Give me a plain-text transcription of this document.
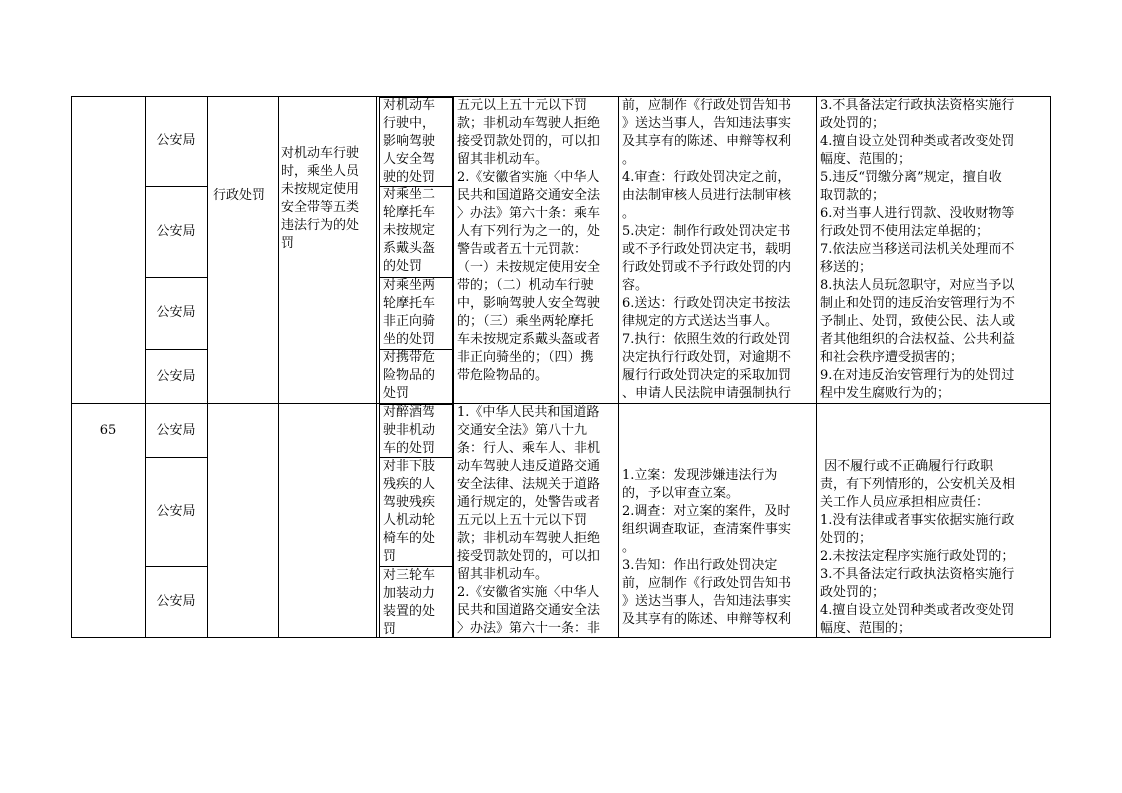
公安局
公安局
公安局
公安局
行政处罚
对机动车行驶
时，乘坐人员
未按规定使用
安全带等五类
违法行为的处
罚
对机动车
行驶中，
影响驾驶
人安全驾
驶的处罚
对乘坐二
轮摩托车
未按规定
系戴头盔
的处罚
对乘坐两
轮摩托车
非正向骑
坐的处罚
对携带危
险物品的
处罚
五元以上五十元以下罚
款；非机动车驾驶人拒绝
接受罚款处罚的，可以扣
留其非机动车。
2.《安徽省实施〈中华人
民共和国道路交通安全法
〉办法》第六十条：乘车
人有下列行为之一的，处
警告或者五十元罚款：
（一）未按规定使用安全
带的；（二）机动车行驶
中，影响驾驶人安全驾驶
的；（三）乘坐两轮摩托
车未按规定系戴头盔或者
非正向骑坐的；（四）携
带危险物品的。
前，应制作《行政处罚告知书
》送达当事人，告知违法事实
及其享有的陈述、申辩等权利
。
4.审查：行政处罚决定之前，
由法制审核人员进行法制审核
。
5.决定：制作行政处罚决定书
或不予行政处罚决定书，载明
行政处罚或不予行政处罚的内
容。
6.送达：行政处罚决定书按法
律规定的方式送达当事人。
7.执行：依照生效的行政处罚
决定执行行政处罚，对逾期不
履行行政处罚决定的采取加罚
、申请人民法院申请强制执行
3.不具备法定行政执法资格实施行
政处罚的；
4.擅自设立处罚种类或者改变处罚
幅度、范围的；
5.违反“罚缴分离”规定，擅自收
取罚款的；
6.对当事人进行罚款、没收财物等
行政处罚不使用法定单据的；
7.依法应当移送司法机关处理而不
移送的；
8.执法人员玩忽职守，对应当予以
制止和处罚的违反治安管理行为不
予制止、处罚，致使公民、法人或
者其他组织的合法权益、公共利益
和社会秩序遭受损害的；
9.在对违反治安管理行为的处罚过
程中发生腐败行为的；
65	公安局
公安局
公安局
对醉酒驾
驶非机动
车的处罚
对非下肢
残疾的人
驾驶残疾
人机动轮
椅车的处
罚
对三轮车
加装动力
装置的处
罚
1.《中华人民共和国道路
交通安全法》第八十九
条：行人、乘车人、非机
动车驾驶人违反道路交通
安全法律、法规关于道路
通行规定的，处警告或者
五元以上五十元以下罚
款；非机动车驾驶人拒绝
接受罚款处罚的，可以扣
留其非机动车。
2.《安徽省实施〈中华人
民共和国道路交通安全法
〉办法》第六十一条：非
1.立案：发现涉嫌违法行为
的，予以审查立案。
2.调查：对立案的案件，及时
组织调查取证，查清案件事实
。
3.告知：作出行政处罚决定
前，应制作《行政处罚告知书
》送达当事人，告知违法事实
及其享有的陈述、申辩等权利
因不履行或不正确履行行政职
责，有下列情形的，公安机关及相
关工作人员应承担相应责任：
1.没有法律或者事实依据实施行政
处罚的；
2.未按法定程序实施行政处罚的；
3.不具备法定行政执法资格实施行
政处罚的；
4.擅自设立处罚种类或者改变处罚
幅度、范围的；
